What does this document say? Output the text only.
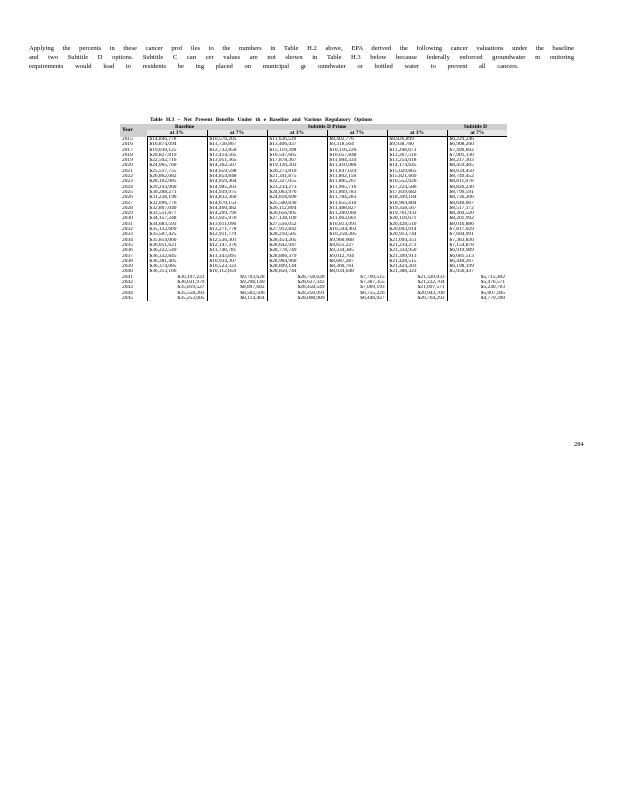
Applying the percents in these cancer prof iles to the numbers in Table H.2 above, EPA derived the following cancer valuations under the baseline

and two Subtitle D options. Subtitle C can cer values are not shown in Table H.3 below because federally enforced groundwater m onitoring

requirements would lead to residents be ing placed on municipal gr oundwater or bottled water to prevent all cancers.

Table H.3 – Net Present Benefits Under th e Baseline and Various Regulatory Options
Year	Baseline		Subtitle D Prime		Subtitle D	
	at 3%	at 7%	at 3%	at 7%	at 3%	at 7%
2015	$14,846,778	$10,576,205	$11,636,539	$8,402,776	$8,826,899	$6,229,246
2016	$16,874,094	$11,728,867	$13,406,437	$9,318,564	$9,938,780	$6,908,260
2017	$19,030,125	$12,732,850	$15,119,398	$10,116,226	$11,208,673	$7,499,602
2018	$20,827,819	$13,414,565	$16,547,665	$10,657,848	$12,267,510	$7,901,130
2019	$22,502,716	$13,951,365	$17,878,367	$11,084,334	$13,254,018	$8,217,303
2020	$24,065,760	$14,362,507	$19,120,203	$11,410,986	$14,174,645	$8,459,465
2021	$25,517,755	$14,659,598	$20,273,810	$11,647,024	$15,029,865	$8,634,450
2022	$26,862,082	$14,854,848	$21,341,875	$11,802,150	$15,821,669	$8,749,452
2023	$28,102,085	$14,959,464	$22,327,055	$11,885,267	$16,552,026	$8,811,070
2024	$29,243,960	$14,985,203	$23,234,273	$11,905,716	$17,224,586	$8,826,230
2025	$30,288,271	$14,939,975	$24,063,976	$11,869,783	$17,839,682	$8,799,591
2026	$31,238,196	$14,832,360	$24,818,690	$11,784,283	$18,399,184	$8,736,206
2027	$32,096,776	$14,670,153	$25,500,830	$11,655,410	$18,904,884	$8,640,667
2028	$32,867,040	$14,460,482	$26,112,804	$11,488,827	$19,358,567	$8,517,172
2029	$33,551,877	$14,209,799	$26,656,905	$11,289,660	$19,761,933	$8,369,520
2030	$34,157,248	$13,925,970	$27,138,109	$11,063,661	$20,118,671	$8,201,992
2031	$34,683,593	$13,611,096	$27,556,052	$10,813,991	$20,428,510	$8,016,886
2032	$35,132,669	$13,271,778	$27,912,842	$10,544,403	$20,693,014	$7,817,029
2033	$35,507,425	$12,911,779	$28,210,585	$10,258,385	$20,913,744	$7,604,991
2034	$35,814,060	$12,536,301	$28,454,205	$9,960,068	$21,094,351	$7,383,836
2035	$36,051,621	$12,147,376	$28,642,947	$9,651,227	$21,234,273	$7,154,878
2036	$36,222,549	$11,748,781	$28,778,749	$9,334,385	$21,334,950	$6,919,989
2037	$36,332,845	$11,343,895	$28,866,379	$9,012,704	$21,399,913	$6,681,513
2038	$36,381,405	$10,934,307	$28,904,960	$8,687,287	$21,428,515	$6,440,267
2039	$36,374,085	$10,523,323	$28,899,144	$8,360,761	$21,424,203	$6,198,199
2040	$36,313,166	$10,112,859	$28,850,744	$8,034,648	$21,388,323	$5,956,437
2041	$36,197,223	$9,703,628	$28,758,628	$7,709,515	$21,320,033	$5,715,402
2042	$36,031,979	$9,298,140	$28,627,342	$7,387,355	$21,222,704	$5,476,571
2043	$35,819,527	$8,897,682	$28,458,549	$7,069,193	$21,097,571	$5,240,703
2044	$35,558,283	$8,502,506	$28,250,991	$6,755,226	$20,943,700	$5,007,945
2045	$35,253,685	$8,114,464	$28,008,989	$6,446,927	$20,764,292	$4,779,390
284
